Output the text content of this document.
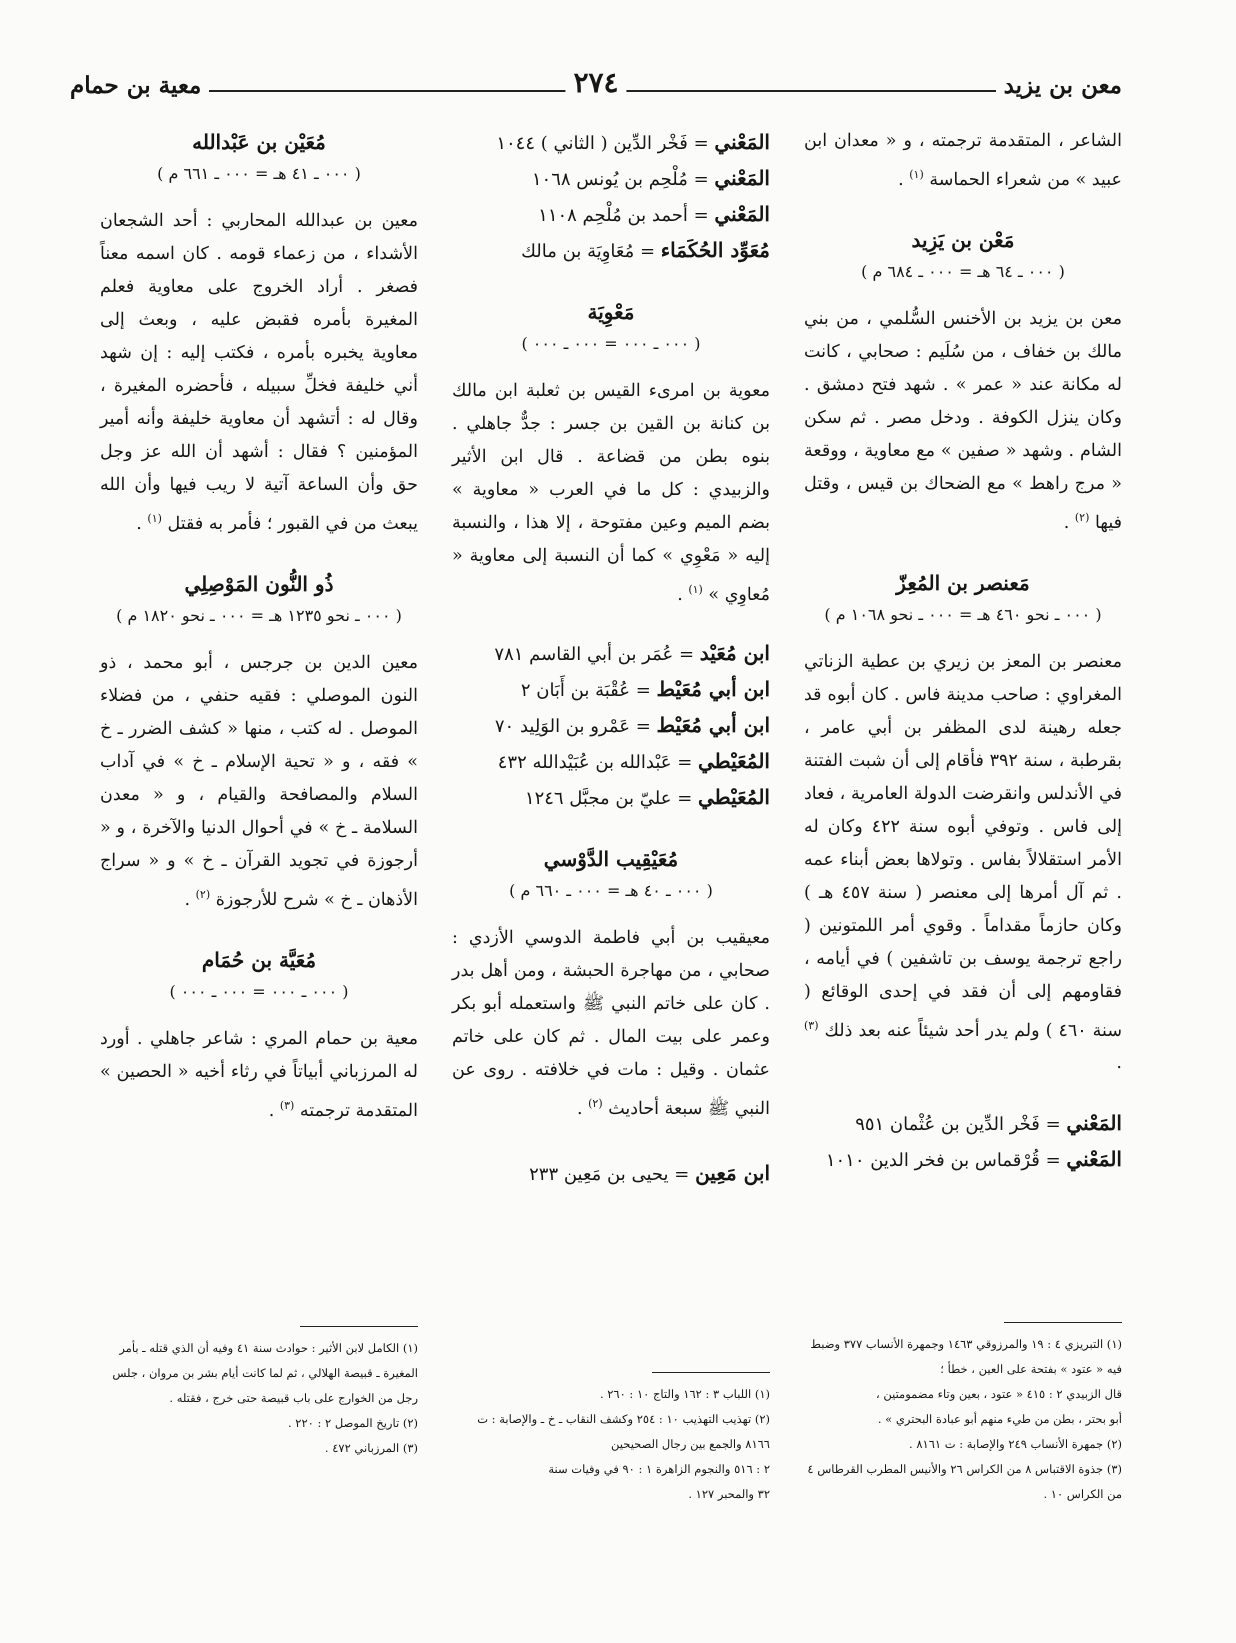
معن بن يزيد
٢٧٤
معية بن حمام

الشاعر ، المتقدمة ترجمته ، و « معدان ابن عبيد » من شعراء الحماسة $^{(١)}$ .

مَعْن بن يَزِيد
( ٠٠٠ ـ ٦٤ هـ = ٠٠٠ ـ ٦٨٤ م )

معن بن يزيد بن الأخنس السُّلمي ، من بني مالك بن خفاف ، من سُلَيم : صحابي ، كانت له مكانة عند « عمر » . شهد فتح دمشق . وكان ينزل الكوفة . ودخل مصر . ثم سكن الشام . وشهد « صفين » مع معاوية ، ووقعة « مرج راهط » مع الضحاك بن قيس ، وقتل فيها $^{(٢)}$ .

مَعنصر بن المُعِزّ
( ٠٠٠ ـ نحو ٤٦٠ هـ = ٠٠٠ ـ نحو ١٠٦٨ م )

معنصر بن المعز بن زيري بن عطية الزناتي المغراوي : صاحب مدينة فاس . كان أبوه قد جعله رهينة لدى المظفر بن أبي عامر ، بقرطبة ، سنة ٣٩٢ فأقام إلى أن شبت الفتنة في الأندلس وانقرضت الدولة العامرية ، فعاد إلى فاس . وتوفي أبوه سنة ٤٢٢ وكان له الأمر استقلالاً بفاس . وتولاها بعض أبناء عمه . ثم آل أمرها إلى معنصر ( سنة ٤٥٧ هـ ) وكان حازماً مقداماً . وقوي أمر اللمتونين ( راجع ترجمة يوسف بن تاشفين ) في أيامه ، فقاومهم إلى أن فقد في إحدى الوقائع ( سنة ٤٦٠ ) ولم يدر أحد شيئاً عنه بعد ذلك $^{(٣)}$ .

المَعْني = فَخْر الدِّين بن عُثْمان ٩٥١
المَعْني = قُرْقماس بن فخر الدين ١٠١٠
المَعْني = فَخْر الدِّين ( الثاني ) ١٠٤٤
المَعْني = مُلْحِم بن يُونس ١٠٦٨
المَعْني = أحمد بن مُلْحِم ١١٠٨
مُعَوِّد الحُكَمَاء = مُعَاوِيَة بن مالك
مَعْوِيَة
( ٠٠٠ ـ ٠٠٠ = ٠٠٠ ـ ٠٠٠ )

معوية بن امرىء القيس بن ثعلبة ابن مالك بن كنانة بن القين بن جسر : جدٌّ جاهلي . بنوه بطن من قضاعة . قال ابن الأثير والزبيدي : كل ما في العرب « معاوية » بضم الميم وعين مفتوحة ، إلا هذا ، والنسبة إليه « مَعْوِي » كما أن النسبة إلى معاوية « مُعاوِي » $^{(١)}$ .

ابن مُعَيْد = عُمَر بن أبي القاسم ٧٨١
ابن أبي مُعَيْط = عُقْبَة بن أَبَان ٢
ابن أبي مُعَيْط = عَمْرو بن الوَلِيد ٧٠
المُعَيْطي = عَبْدالله بن عُبَيْدالله ٤٣٢
المُعَيْطي = عليّ بن مجبَّل ١٢٤٦
مُعَيْقِيب الدَّوْسي
( ٠٠٠ ـ ٤٠ هـ = ٠٠٠ ـ ٦٦٠ م )

معيقيب بن أبي فاطمة الدوسي الأزدي : صحابي ، من مهاجرة الحبشة ، ومن أهل بدر . كان على خاتم النبي ﷺ واستعمله أبو بكر وعمر على بيت المال . ثم كان على خاتم عثمان . وقيل : مات في خلافته . روى عن النبي ﷺ سبعة أحاديث $^{(٢)}$ .

ابن مَعِين = يحيى بن مَعِين ٢٣٣
مُعَيْن بن عَبْدالله
( ٠٠٠ ـ ٤١ هـ = ٠٠٠ ـ ٦٦١ م )

معين بن عبدالله المحاربي : أحد الشجعان الأشداء ، من زعماء قومه . كان اسمه معناً فصغر . أراد الخروج على معاوية فعلم المغيرة بأمره فقبض عليه ، وبعث إلى معاوية يخبره بأمره ، فكتب إليه : إن شهد أني خليفة فخلِّ سبيله ، فأحضره المغيرة ، وقال له : أتشهد أن معاوية خليفة وأنه أمير المؤمنين ؟ فقال : أشهد أن الله عز وجل حق وأن الساعة آتية لا ريب فيها وأن الله يبعث من في القبور ؛ فأمر به فقتل $^{(١)}$ .

ذُو النُّون المَوْصِلِي
( ٠٠٠ ـ نحو ١٢٣٥ هـ = ٠٠٠ ـ نحو ١٨٢٠ م )

معين الدين بن جرجس ، أبو محمد ، ذو النون الموصلي : فقيه حنفي ، من فضلاء الموصل . له كتب ، منها « كشف الضرر ـ خ » فقه ، و « تحية الإسلام ـ خ » في آداب السلام والمصافحة والقيام ، و « معدن السلامة ـ خ » في أحوال الدنيا والآخرة ، و « أرجوزة في تجويد القرآن ـ خ » و « سراج الأذهان ـ خ » شرح للأرجوزة $^{(٢)}$ .

مُعَيَّة بن حُمَام
( ٠٠٠ ـ ٠٠٠ = ٠٠٠ ـ ٠٠٠ )

معية بن حمام المري : شاعر جاهلي . أورد له المرزباني أبياتاً في رثاء أخيه « الحصين » المتقدمة ترجمته $^{(٣)}$ .

(١) التبريزي ٤ : ١٩ والمرزوقي ١٤٦٣ وجمهرة الأنساب ٣٧٧ وضبط فيه « عتود » بفتحة على العين ، خطأ ؛
قال الزبيدي ٢ : ٤١٥ « عتود ، بعين وتاء مضمومتين ،
أبو بحتر ، بطن من طيء منهم أبو عبادة البحتري » .
(٢) جمهرة الأنساب ٢٤٩ والإصابة : ت ٨١٦١ .
(٣) جذوة الاقتباس ٨ من الكراس ٢٦ والأنيس المطرب القرطاس ٤ من الكراس ١٠ .
(١) اللباب ٣ : ١٦٢ والتاج ١٠ : ٢٦٠ .
(٢) تهذيب التهذيب ١٠ : ٢٥٤ وكشف النقاب ـ خ ـ والإصابة : ت ٨١٦٦ والجمع بين رجال الصحيحين
٢ : ٥١٦ والنجوم الزاهرة ١ : ٩٠ في وفيات سنة
٣٢ والمحبر ١٢٧ .
(١) الكامل لابن الأثير : حوادث سنة ٤١ وفيه أن الذي قتله ـ بأمر المغيرة ـ قبيصة الهلالي ، ثم لما كانت أيام بشر بن مروان ، جلس رجل من الخوارج على باب قبيصة حتى خرج ، فقتله .
(٢) تاريخ الموصل ٢ : ٢٢٠ .
(٣) المرزباني ٤٧٢ .
